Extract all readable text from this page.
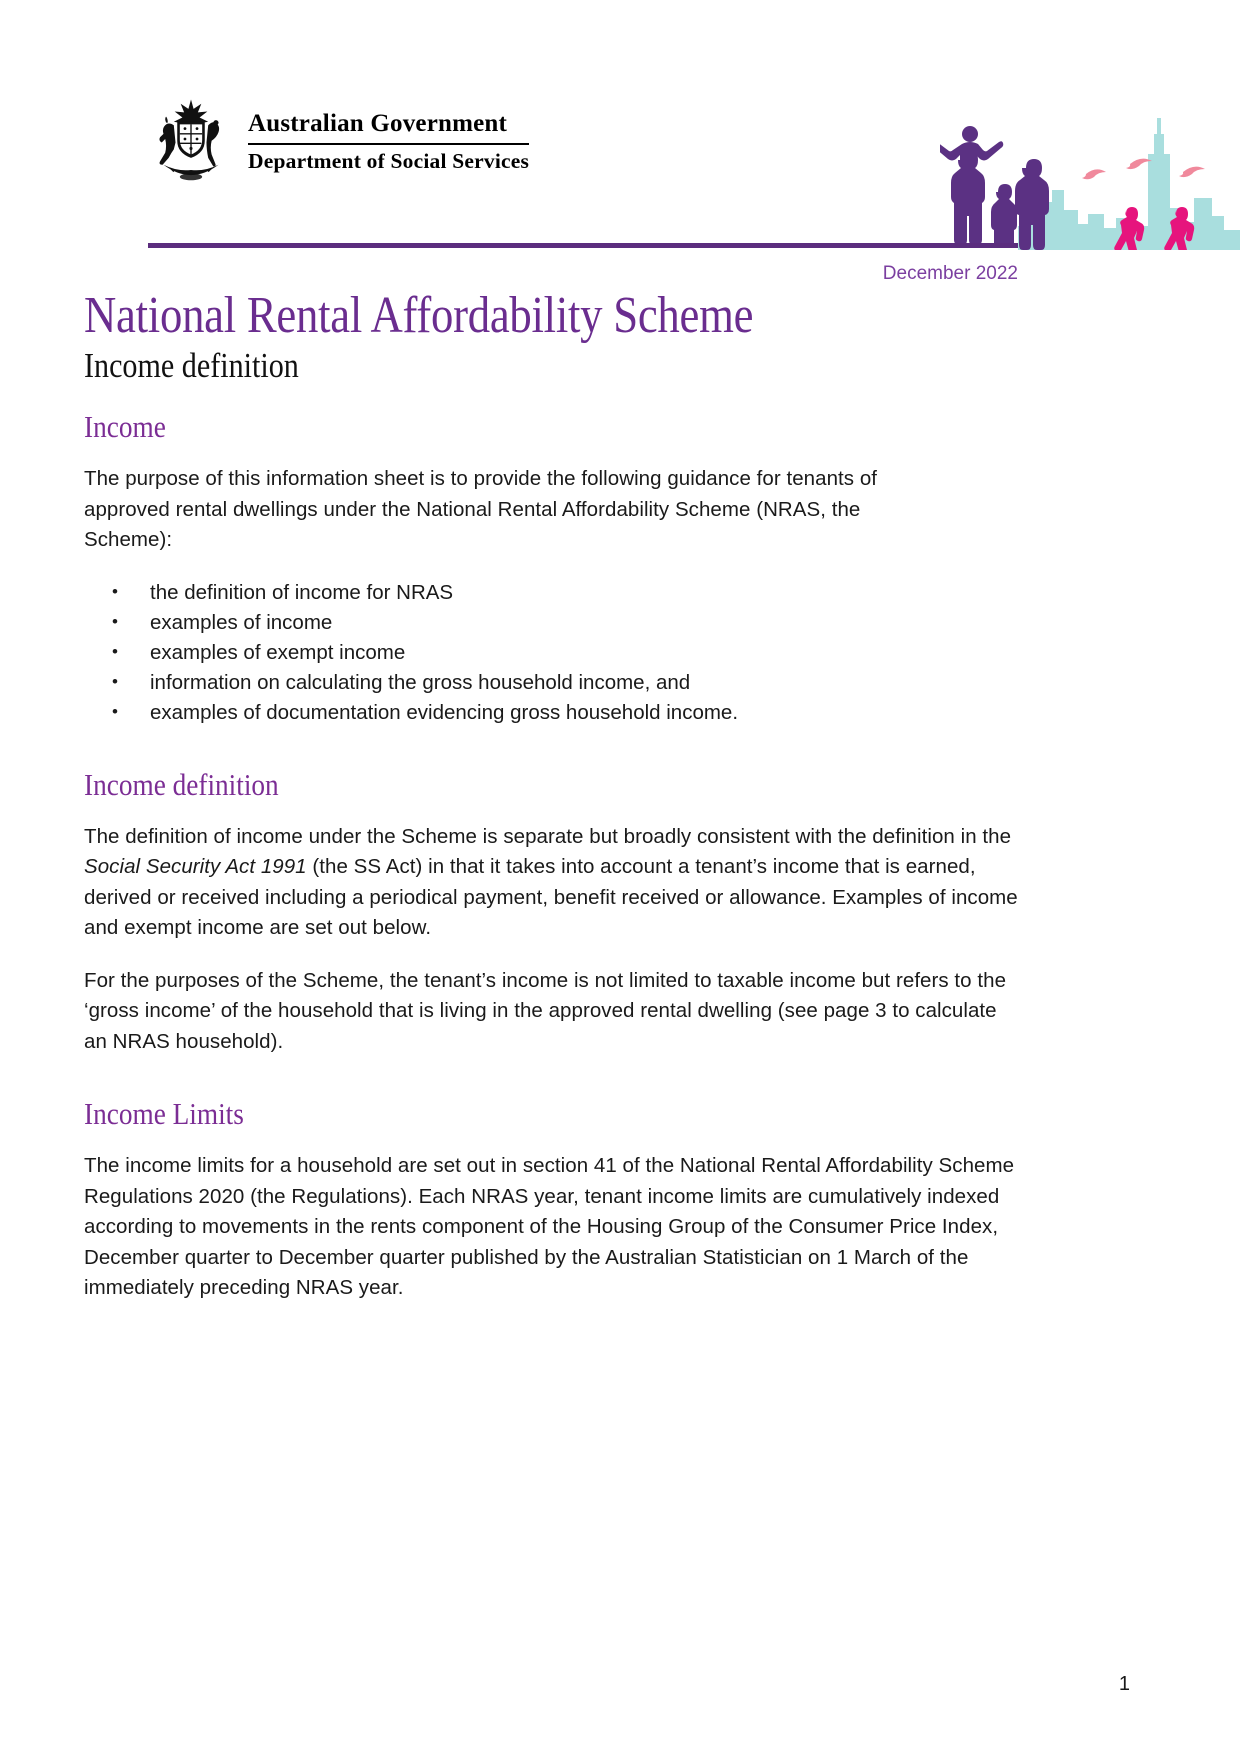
Australian Government
Department of Social Services
December 2022
National Rental Affordability Scheme
Income definition
Income

The purpose of this information sheet is to provide the following guidance for tenants of approved rental dwellings under the National Rental Affordability Scheme (NRAS, the Scheme):

• the definition of income for NRAS
• examples of income
• examples of exempt income
• information on calculating the gross household income, and
• examples of documentation evidencing gross household income.
Income definition

The definition of income under the Scheme is separate but broadly consistent with the definition in the Social Security Act 1991 (the SS Act) in that it takes into account a tenant’s income that is earned, derived or received including a periodical payment, benefit received or allowance. Examples of income and exempt income are set out below.

For the purposes of the Scheme, the tenant’s income is not limited to taxable income but refers to the ‘gross income’ of the household that is living in the approved rental dwelling (see page 3 to calculate an NRAS household).

Income Limits

The income limits for a household are set out in section 41 of the National Rental Affordability Scheme Regulations 2020 (the Regulations). Each NRAS year, tenant income limits are cumulatively indexed according to movements in the rents component of the Housing Group of the Consumer Price Index, December quarter to December quarter published by the Australian Statistician on 1 March of the immediately preceding NRAS year.

1
